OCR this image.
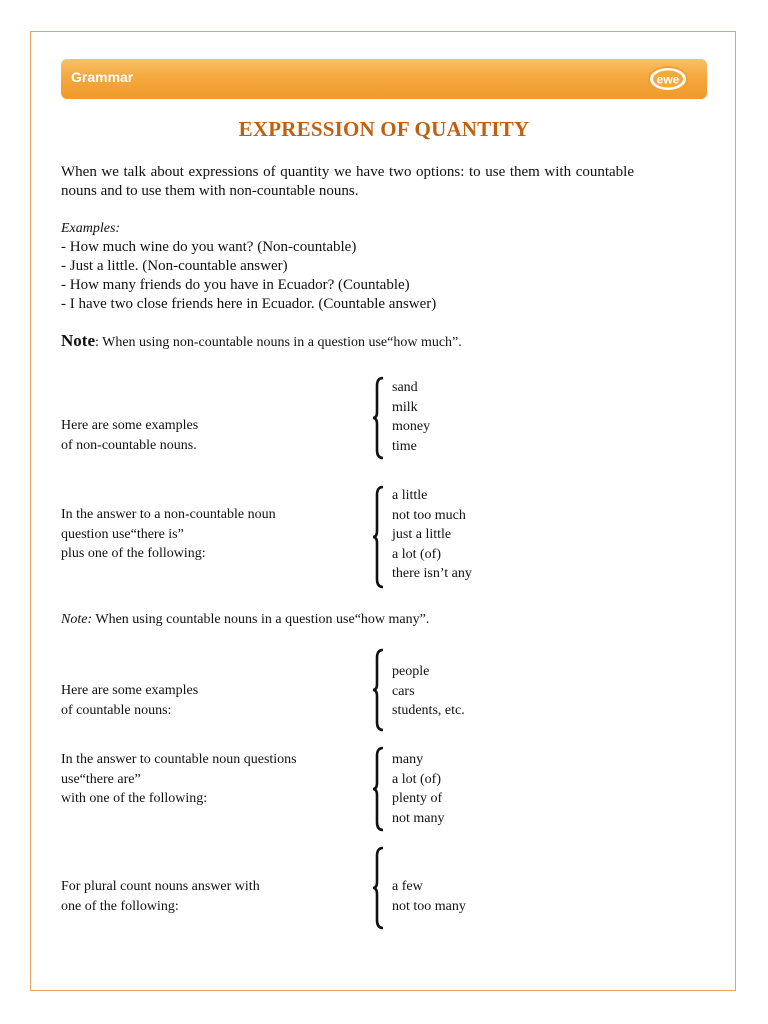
Grammar	ewe
EXPRESSION OF QUANTITY
When we talk about expressions of quantity we have two options: to use them with countable nouns and to use them with non-countable nouns.
Examples:
- How much wine do you want? (Non-countable)
- Just a little. (Non-countable answer)
- How many friends do you have in Ecuador? (Countable)
- I have two close friends here in Ecuador. (Countable answer)
Note: When using non-countable nouns in a question use“how much”.
Here are some examples
of non-countable nouns.
sand
milk
money
time
In the answer to a non-countable noun
question use“there is”
plus one of the following:
a little
not too much
just a little
a lot (of)
there isn’t any
Note: When using countable nouns in a question use“how many”.
Here are some examples
of countable nouns:
people
cars
students, etc.
In the answer to countable noun questions
use“there are”
with one of the following:
many
a lot (of)
plenty of
not many
For plural count nouns answer with
one of the following:
a few
not too many
